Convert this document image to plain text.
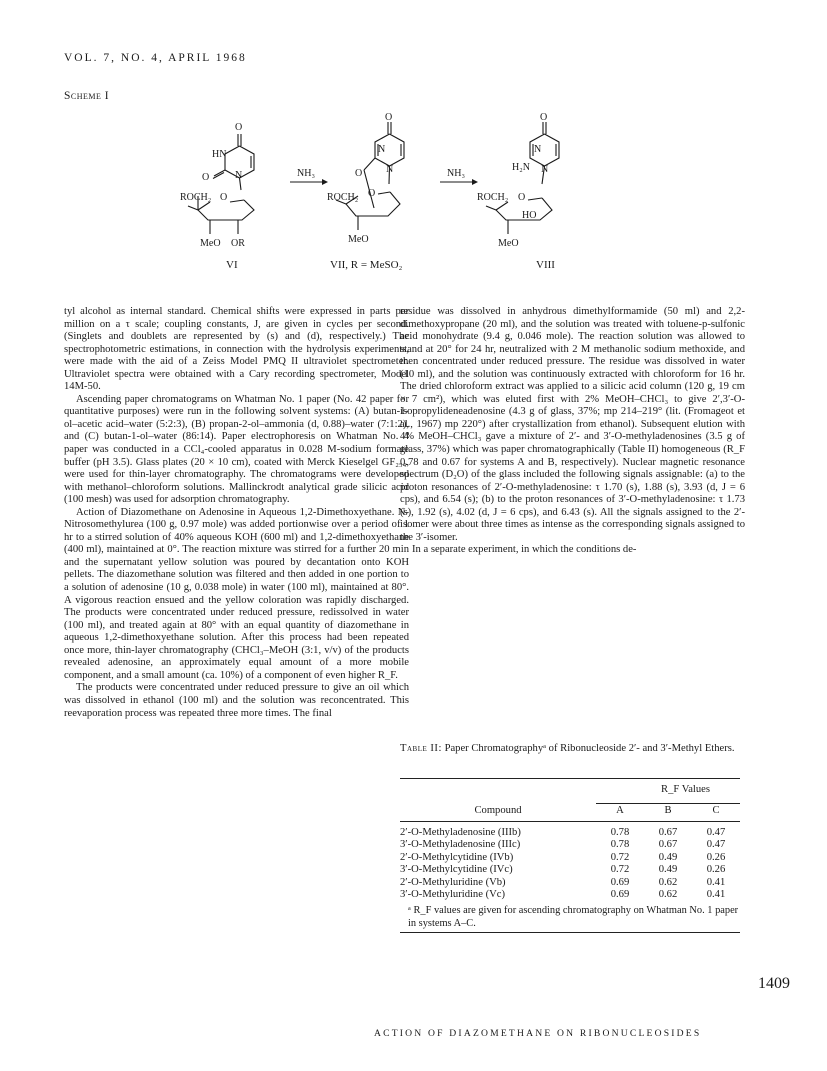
VOL. 7, NO. 4, APRIL 1968
Scheme I
O
HN
O	N
ROCH₂ O
MeO OR
VI
NH₃
O
N
N
O
ROCH₂ O
MeO
VII, R = MeSO₂
NH₃
O
N
H₂N N
ROCH₂ O
HO
MeO
VIII

tyl alcohol as internal standard. Chemical shifts were expressed in parts per million on a τ scale; coupling constants, J, are given in cycles per second. (Singlets and doublets are represented by (s) and (d), respectively.) The spectrophotometric estimations, in connection with the hydrolysis experiments, were made with the aid of a Zeiss Model PMQ II ultraviolet spectrometer. Ultraviolet spectra were obtained with a Cary recording spectrometer, Model 14M-50.

Ascending paper chromatograms on Whatman No. 1 paper (No. 42 paper for quantitative purposes) were run in the following solvent systems: (A) butan-1-ol–acetic acid–water (5:2:3), (B) propan-2-ol–ammonia (d, 0.88)–water (7:1:2), and (C) butan-1-ol–water (86:14). Paper electrophoresis on Whatman No. 4 paper was conducted in a CCl₄-cooled apparatus in 0.028 M-sodium formate buffer (pH 3.5). Glass plates (20 × 10 cm), coated with Merck Kieselgel GF₂₅₄, were used for thin-layer chromatography. The chromatograms were developed with methanol–chloroform solutions. Mallinckrodt analytical grade silicic acid (100 mesh) was used for adsorption chromatography.

Action of Diazomethane on Adenosine in Aqueous 1,2-Dimethoxyethane. N-Nitrosomethylurea (100 g, 0.97 mole) was added portionwise over a period of 1 hr to a stirred solution of 40% aqueous KOH (600 ml) and 1,2-dimethoxyethane (400 ml), maintained at 0°. The reaction mixture was stirred for a further 20 min and the supernatant yellow solution was poured by decantation onto KOH pellets. The diazomethane solution was filtered and then added in one portion to a solution of adenosine (10 g, 0.038 mole) in water (100 ml), maintained at 80°. A vigorous reaction ensued and the yellow coloration was rapidly discharged. The products were concentrated under reduced pressure, redissolved in water (100 ml), and treated again at 80° with an equal quantity of diazomethane in aqueous 1,2-dimethoxyethane solution. After this process had been repeated once more, thin-layer chromatography (CHCl₃–MeOH (3:1, v/v) of the products revealed adenosine, an approximately equal amount of a more mobile component, and a small amount (ca. 10%) of a component of even higher R_F.

The products were concentrated under reduced pressure to give an oil which was dissolved in ethanol (100 ml) and the solution was reconcentrated. This reevaporation process was repeated three more times. The final

residue was dissolved in anhydrous dimethylformamide (50 ml) and 2,2-dimethoxypropane (20 ml), and the solution was treated with toluene-p-sulfonic acid monohydrate (9.4 g, 0.046 mole). The reaction solution was allowed to stand at 20° for 24 hr, neutralized with 2 M methanolic sodium methoxide, and then concentrated under reduced pressure. The residue was dissolved in water (10 ml), and the solution was continuously extracted with chloroform for 16 hr. The dried chloroform extract was applied to a silicic acid column (120 g, 19 cm × 7 cm²), which was eluted first with 2% MeOH–CHCl₃ to give 2′,3′-O-isopropylideneadenosine (4.3 g of glass, 37%; mp 214–219° (lit. (Fromageot et al., 1967) mp 220°) after crystallization from ethanol). Subsequent elution with 4% MeOH–CHCl₃ gave a mixture of 2′- and 3′-O-methyladenosines (3.5 g of glass, 37%) which was paper chromatographically (Table II) homogeneous (R_F 0.78 and 0.67 for systems A and B, respectively). Nuclear magnetic resonance spectrum (D₂O) of the glass included the following signals assignable: (a) to the proton resonances of 2′-O-methyladenosine: τ 1.70 (s), 1.88 (s), 3.93 (d, J = 6 cps), and 6.54 (s); (b) to the proton resonances of 3′-O-methyladenosine: τ 1.73 (s), 1.92 (s), 4.02 (d, J = 6 cps), and 6.43 (s). All the signals assigned to the 2′-isomer were about three times as intense as the corresponding signals assigned to the 3′-isomer.

In a separate experiment, in which the conditions de-

Table II: Paper Chromatographyᵃ of Ribonucleoside 2′- and 3′-Methyl Ethers.
R_F Values
Compound	A	B	C
2′-O-Methyladenosine (IIIb)	0.78	0.67	0.47
3′-O-Methyladenosine (IIIc)	0.78	0.67	0.47
2′-O-Methylcytidine (IVb)	0.72	0.49	0.26
3′-O-Methylcytidine (IVc)	0.72	0.49	0.26
2′-O-Methyluridine (Vb)	0.69	0.62	0.41
3′-O-Methyluridine (Vc)	0.69	0.62	0.41
ᵃ R_F values are given for ascending chromatography on Whatman No. 1 paper in systems A–C.
1409
ACTION OF DIAZOMETHANE ON RIBONUCLEOSIDES
